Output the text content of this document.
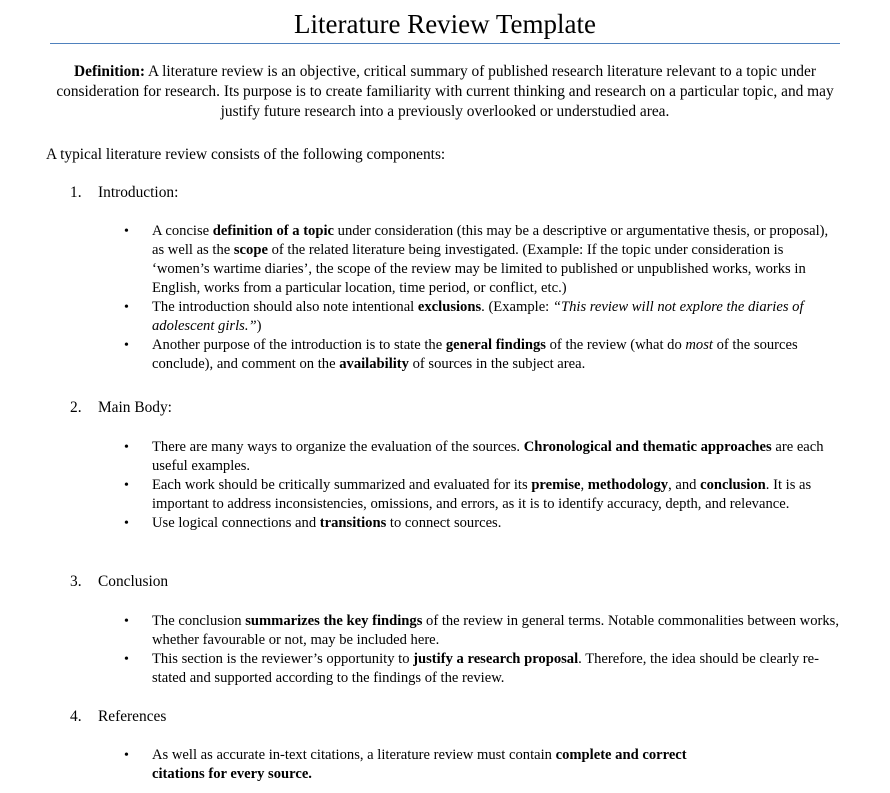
Literature Review Template
Definition: A literature review is an objective, critical summary of published research literature relevant to a topic under consideration for research. Its purpose is to create familiarity with current thinking and research on a particular topic, and may justify future research into a previously overlooked or understudied area.
A typical literature review consists of the following components:
1. Introduction:
• A concise definition of a topic under consideration (this may be a descriptive or argumentative thesis, or proposal), as well as the scope of the related literature being investigated. (Example: If the topic under consideration is ‘women’s wartime diaries’, the scope of the review may be limited to published or unpublished works, works in English, works from a particular location, time period, or conflict, etc.)
• The introduction should also note intentional exclusions. (Example: “This review will not explore the diaries of adolescent girls.”)
• Another purpose of the introduction is to state the general findings of the review (what do most of the sources conclude), and comment on the availability of sources in the subject area.
2. Main Body:
• There are many ways to organize the evaluation of the sources. Chronological and thematic approaches are each useful examples.
• Each work should be critically summarized and evaluated for its premise, methodology, and conclusion. It is as important to address inconsistencies, omissions, and errors, as it is to identify accuracy, depth, and relevance.
• Use logical connections and transitions to connect sources.
3. Conclusion
• The conclusion summarizes the key findings of the review in general terms. Notable commonalities between works, whether favourable or not, may be included here.
• This section is the reviewer’s opportunity to justify a research proposal. Therefore, the idea should be clearly re-stated and supported according to the findings of the review.
4. References
• As well as accurate in-text citations, a literature review must contain complete and correct citations for every source.
